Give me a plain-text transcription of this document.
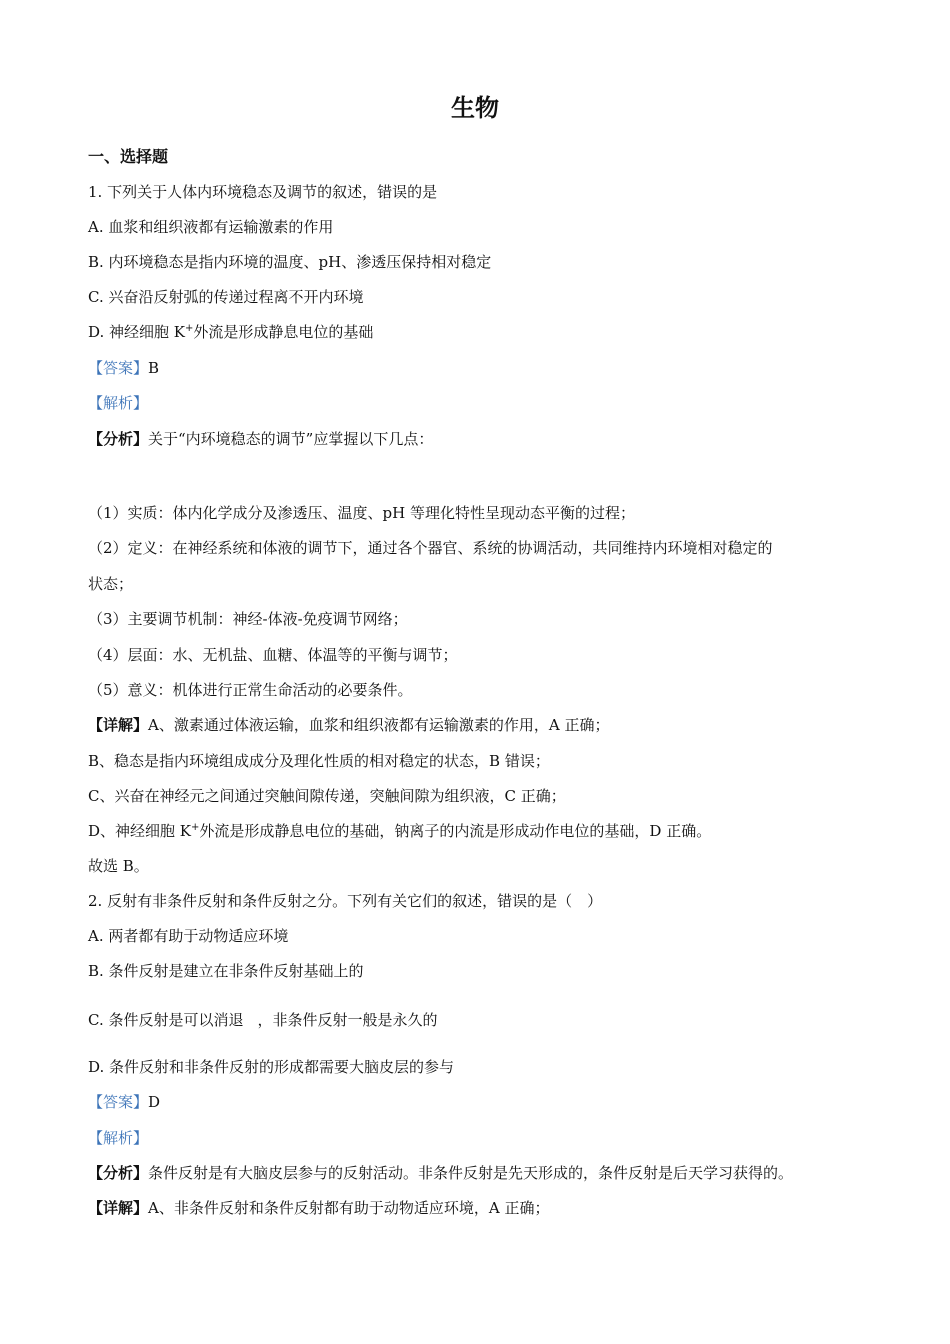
生物
一、选择题
1. 下列关于人体内环境稳态及调节的叙述，错误的是
A. 血浆和组织液都有运输激素的作用
B. 内环境稳态是指内环境的温度、pH、渗透压保持相对稳定
C. 兴奋沿反射弧的传递过程离不开内环境
D. 神经细胞 K+外流是形成静息电位的基础
【答案】B
【解析】
【分析】关于“内环境稳态的调节”应掌握以下几点：
（1）实质：体内化学成分及渗透压、温度、pH 等理化特性呈现动态平衡的过程；
（2）定义：在神经系统和体液的调节下，通过各个器官、系统的协调活动，共同维持内环境相对稳定的
状态；
（3）主要调节机制：神经-体液-免疫调节网络；
（4）层面：水、无机盐、血糖、体温等的平衡与调节；
（5）意义：机体进行正常生命活动的必要条件。
【详解】A、激素通过体液运输，血浆和组织液都有运输激素的作用，A 正确；
B、稳态是指内环境组成成分及理化性质的相对稳定的状态，B 错误；
C、兴奋在神经元之间通过突触间隙传递，突触间隙为组织液，C 正确；
D、神经细胞 K+外流是形成静息电位的基础，钠离子的内流是形成动作电位的基础，D 正确。
故选 B。
2. 反射有非条件反射和条件反射之分。下列有关它们的叙述，错误的是（　）
A. 两者都有助于动物适应环境
B. 条件反射是建立在非条件反射基础上的
C. 条件反射是可以消退 ，非条件反射一般是永久的
D. 条件反射和非条件反射的形成都需要大脑皮层的参与
【答案】D
【解析】
【分析】条件反射是有大脑皮层参与的反射活动。非条件反射是先天形成的，条件反射是后天学习获得的。
【详解】A、非条件反射和条件反射都有助于动物适应环境，A 正确；
